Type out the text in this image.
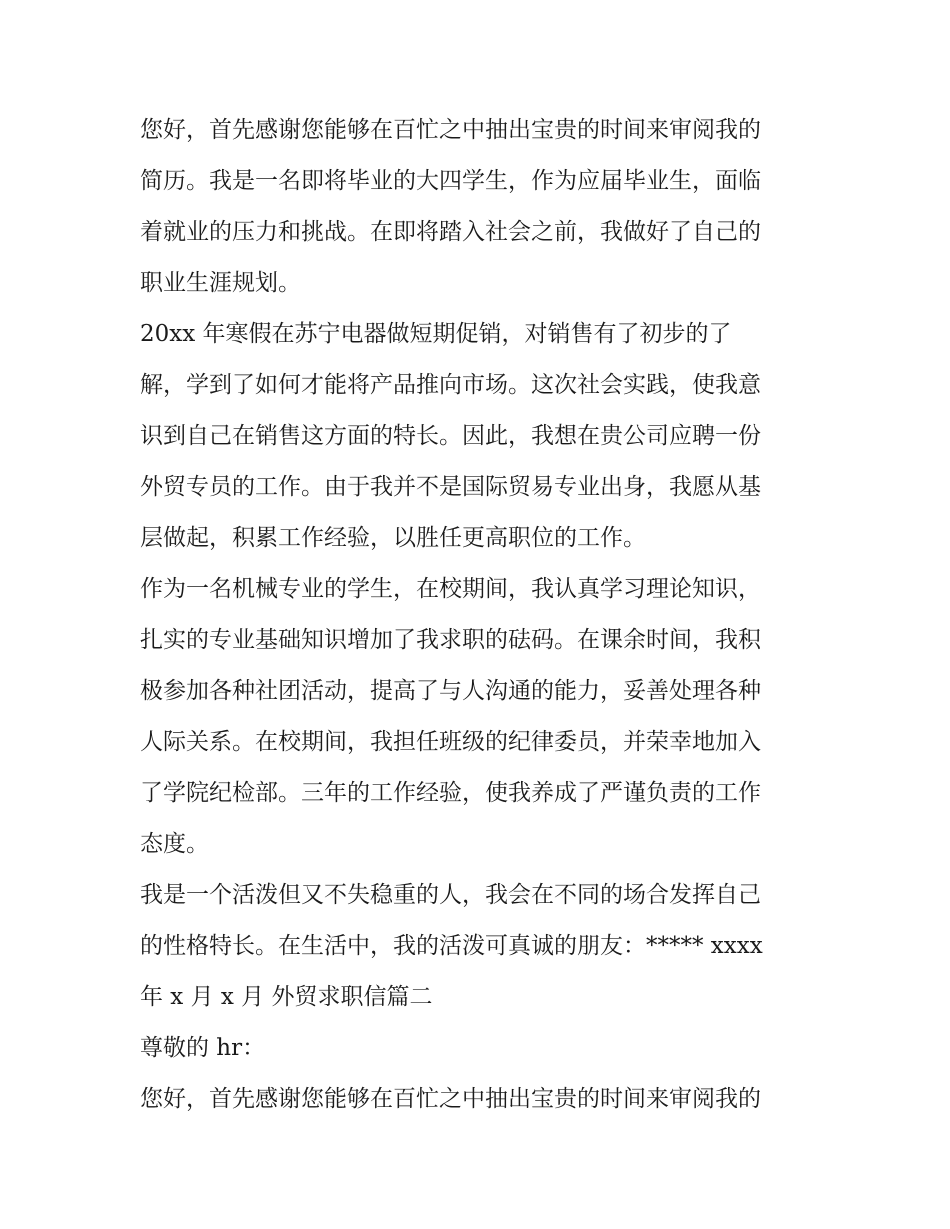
您好，首先感谢您能够在百忙之中抽出宝贵的时间来审阅我的
简历。我是一名即将毕业的大四学生，作为应届毕业生，面临
着就业的压力和挑战。在即将踏入社会之前，我做好了自己的
职业生涯规划。
20xx 年寒假在苏宁电器做短期促销，对销售有了初步的了
解，学到了如何才能将产品推向市场。这次社会实践，使我意
识到自己在销售这方面的特长。因此，我想在贵公司应聘一份
外贸专员的工作。由于我并不是国际贸易专业出身，我愿从基
层做起，积累工作经验，以胜任更高职位的工作。
作为一名机械专业的学生，在校期间，我认真学习理论知识，
扎实的专业基础知识增加了我求职的砝码。在课余时间，我积
极参加各种社团活动，提高了与人沟通的能力，妥善处理各种
人际关系。在校期间，我担任班级的纪律委员，并荣幸地加入
了学院纪检部。三年的工作经验，使我养成了严谨负责的工作
态度。
我是一个活泼但又不失稳重的人，我会在不同的场合发挥自己
的性格特长。在生活中，我的活泼可真诚的朋友：***** xxxx
年 x 月 x 月 外贸求职信篇二
尊敬的 hr：
您好，首先感谢您能够在百忙之中抽出宝贵的时间来审阅我的
